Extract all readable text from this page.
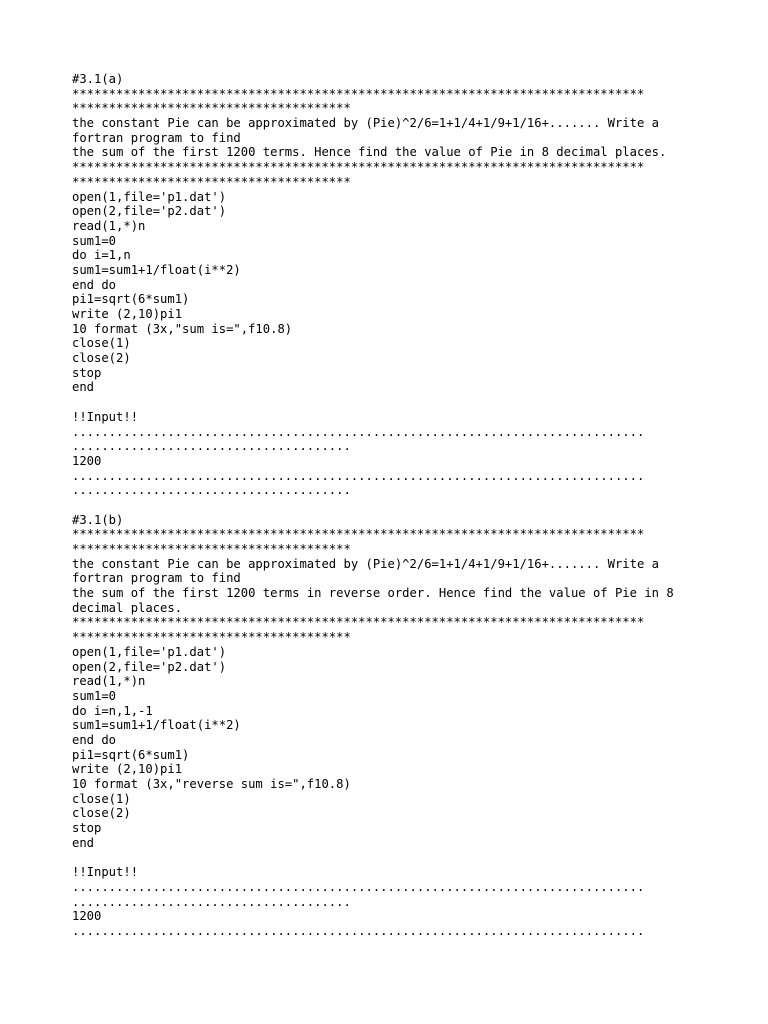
#3.1(a)
******************************************************************************
**************************************
the constant Pie can be approximated by (Pie)^2/6=1+1/4+1/9+1/16+....... Write a
fortran program to find
the sum of the first 1200 terms. Hence find the value of Pie in 8 decimal places.
******************************************************************************
**************************************
open(1,file='p1.dat')
open(2,file='p2.dat')
read(1,*)n
sum1=0
do i=1,n
sum1=sum1+1/float(i**2)
end do
pi1=sqrt(6*sum1)
write (2,10)pi1
10 format (3x,"sum is=",f10.8)
close(1)
close(2)
stop
end
!!Input!!
..............................................................................
......................................
1200
..............................................................................
......................................
#3.1(b)
******************************************************************************
**************************************
the constant Pie can be approximated by (Pie)^2/6=1+1/4+1/9+1/16+....... Write a
fortran program to find
the sum of the first 1200 terms in reverse order. Hence find the value of Pie in 8
decimal places.
******************************************************************************
**************************************
open(1,file='p1.dat')
open(2,file='p2.dat')
read(1,*)n
sum1=0
do i=n,1,-1
sum1=sum1+1/float(i**2)
end do
pi1=sqrt(6*sum1)
write (2,10)pi1
10 format (3x,"reverse sum is=",f10.8)
close(1)
close(2)
stop
end
!!Input!!
..............................................................................
......................................
1200
..............................................................................
